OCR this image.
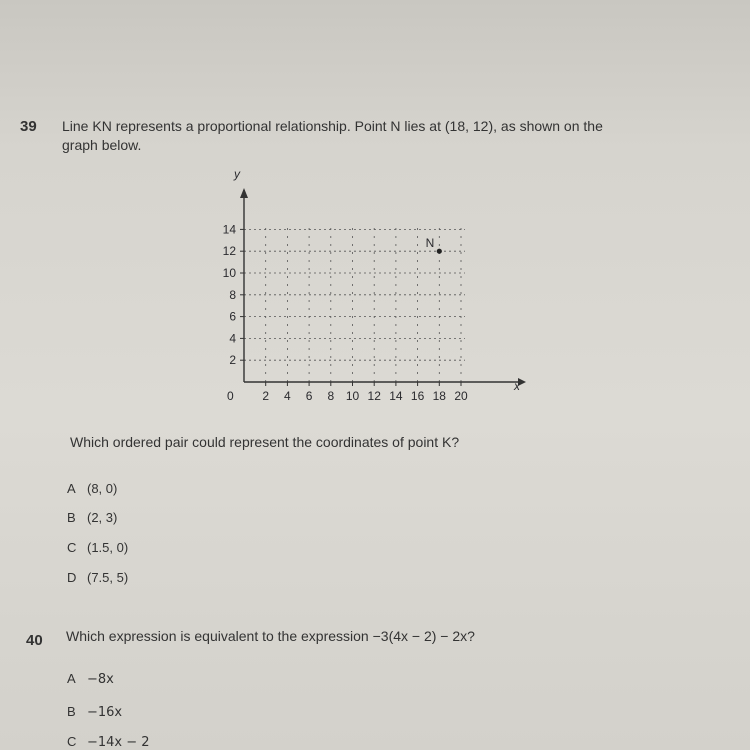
39 Line KN represents a proportional relationship. Point N lies at (18, 12), as shown on the
graph below.
y
x
0
2
4
6
8
10
12
14
2 4 6 8 10 12 14 16 18 20
N
Which ordered pair could represent the coordinates of point K?
A (8, 0)
B (2, 3)
C (1.5, 0)
D (7.5, 5)
40 Which expression is equivalent to the expression −3(4x − 2) − 2x?
A −8x
B −16x
C −14x − 2
